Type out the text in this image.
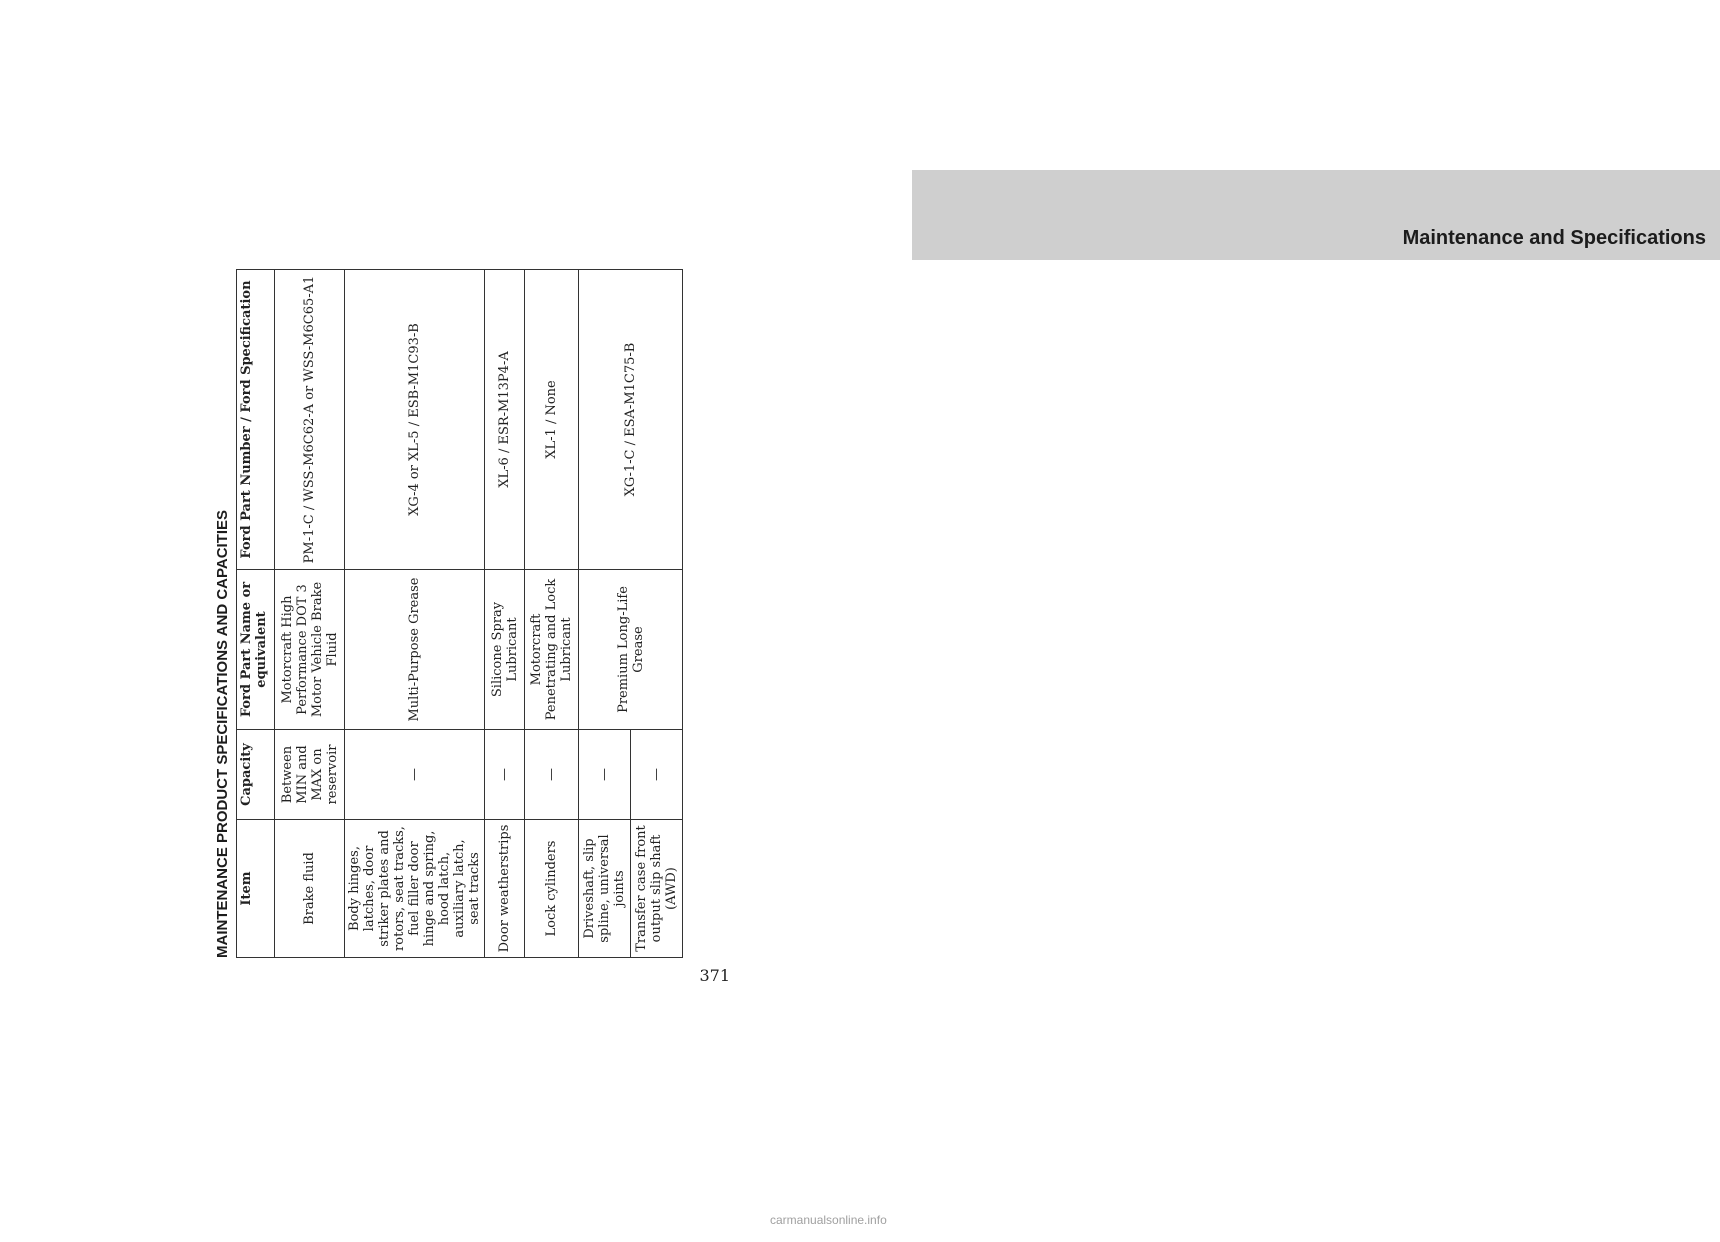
Maintenance and Specifications
MAINTENANCE PRODUCT SPECIFICATIONS AND CAPACITIES Item	Capacity	Ford Part Name or equivalent	Ford Part Number / Ford Specification
Brake fluid	Between MIN and MAX on reservoir	Motorcraft High Performance DOT 3 Motor Vehicle Brake Fluid	PM-1-C / WSS-M6C62-A or WSS-M6C65-A1
Body hinges, latches, door striker plates and rotors, seat tracks, fuel filler door hinge and spring, hood latch, auxiliary latch, seat tracks	—	Multi-Purpose Grease	XG-4 or XL-5 / ESB-M1C93-B
Door weatherstrips	—	Silicone Spray Lubricant	XL-6 / ESR-M13P4-A
Lock cylinders	—	Motorcraft Penetrating and Lock Lubricant	XL-1 / None
Driveshaft, slip spline, universal joints	—	Premium Long-Life Grease	XG-1-C / ESA-M1C75-B
Transfer case front output slip shaft (AWD)	—		
371
carmanualsonline.info
